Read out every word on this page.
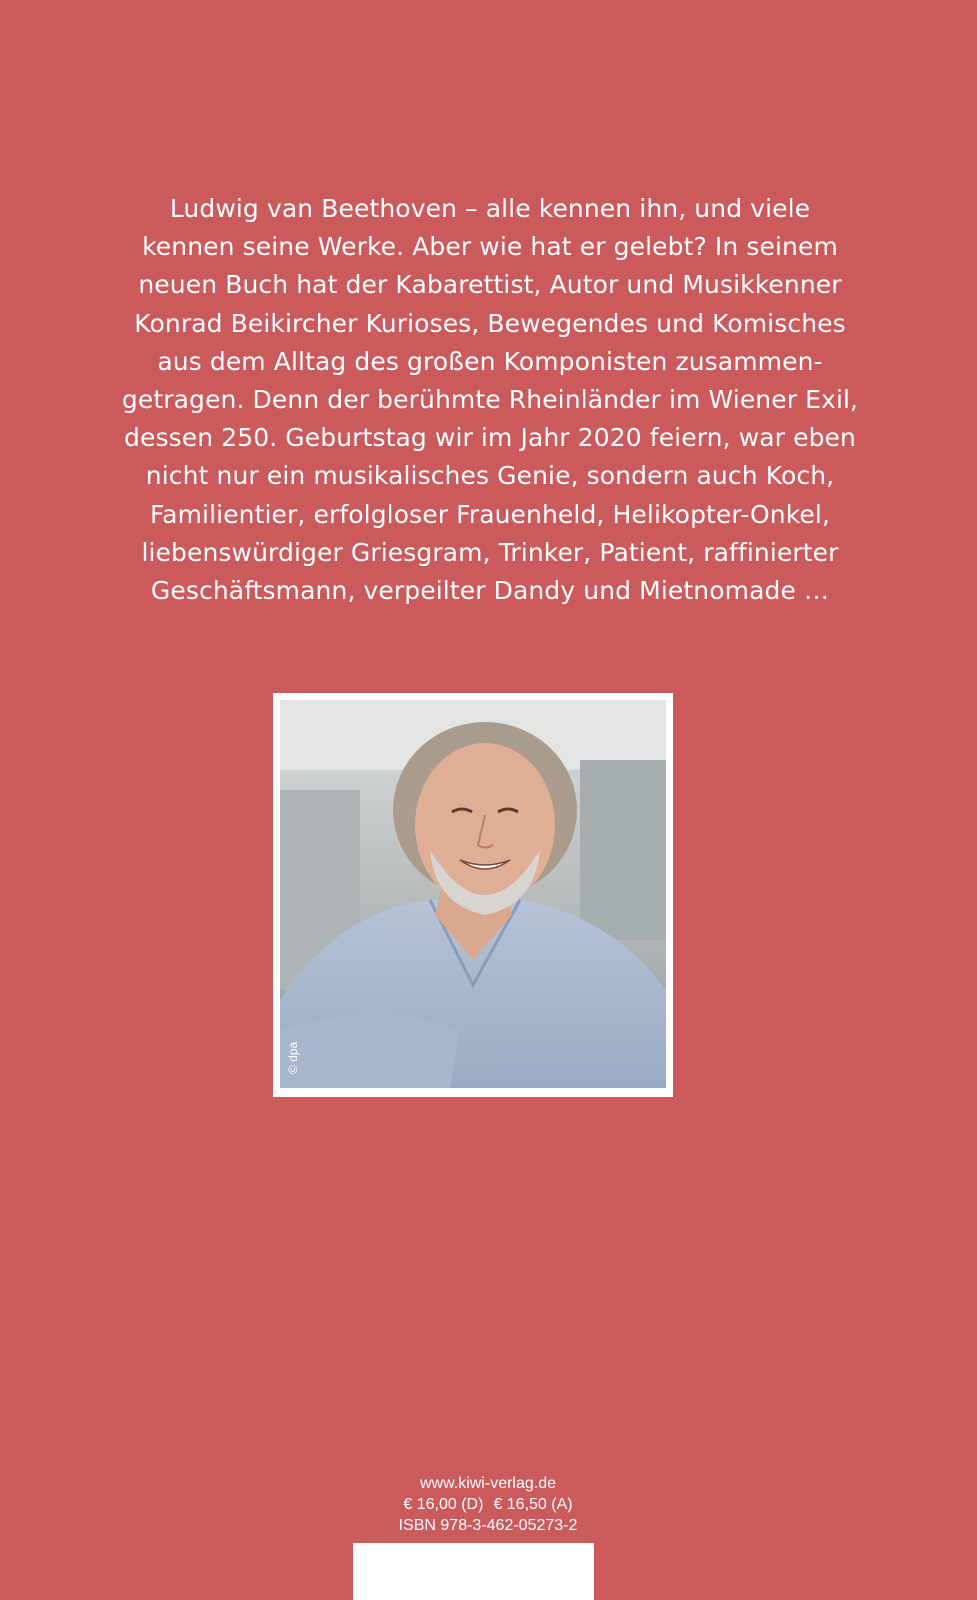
Ludwig van Beethoven – alle kennen ihn, und viele
kennen seine Werke. Aber wie hat er gelebt? In seinem
neuen Buch hat der Kabarettist, Autor und Musikkenner
Konrad Beikircher Kurioses, Bewegendes und Komisches
aus dem Alltag des großen Komponisten zusammen-
getragen. Denn der berühmte Rheinländer im Wiener Exil,
dessen 250. Geburtstag wir im Jahr 2020 feiern, war eben
nicht nur ein musikalisches Genie, sondern auch Koch,
Familientier, erfolgloser Frauenheld, Helikopter-Onkel,
liebenswürdiger Griesgram, Trinker, Patient, raffinierter
Geschäftsmann, verpeilter Dandy und Mietnomade …
© dpa
www.kiwi-verlag.de
€ 16,00 (D) € 16,50 (A)
ISBN 978-3-462-05273-2
